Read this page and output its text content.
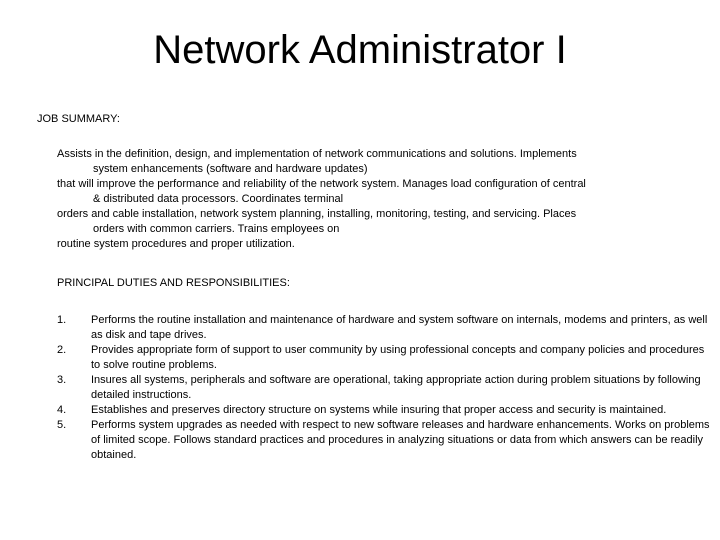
Network Administrator I
JOB SUMMARY:
Assists in the definition, design, and implementation of network communications and solutions. Implements
system enhancements (software and hardware updates)
that will improve the performance and reliability of the network system. Manages load configuration of central
& distributed data processors. Coordinates terminal
orders and cable installation, network system planning, installing, monitoring, testing, and servicing. Places
orders with common carriers. Trains employees on
routine system procedures and proper utilization.
PRINCIPAL DUTIES AND RESPONSIBILITIES:
1. Performs the routine installation and maintenance of hardware and system software on internals, modems and printers, as well as disk and tape drives.
2. Provides appropriate form of support to user community by using professional concepts and company policies and procedures to solve routine problems.
3. Insures all systems, peripherals and software are operational, taking appropriate action during problem situations by following detailed instructions.
4. Establishes and preserves directory structure on systems while insuring that proper access and security is maintained.
5. Performs system upgrades as needed with respect to new software releases and hardware enhancements. Works on problems of limited scope. Follows standard practices and procedures in analyzing situations or data from which answers can be readily obtained.
